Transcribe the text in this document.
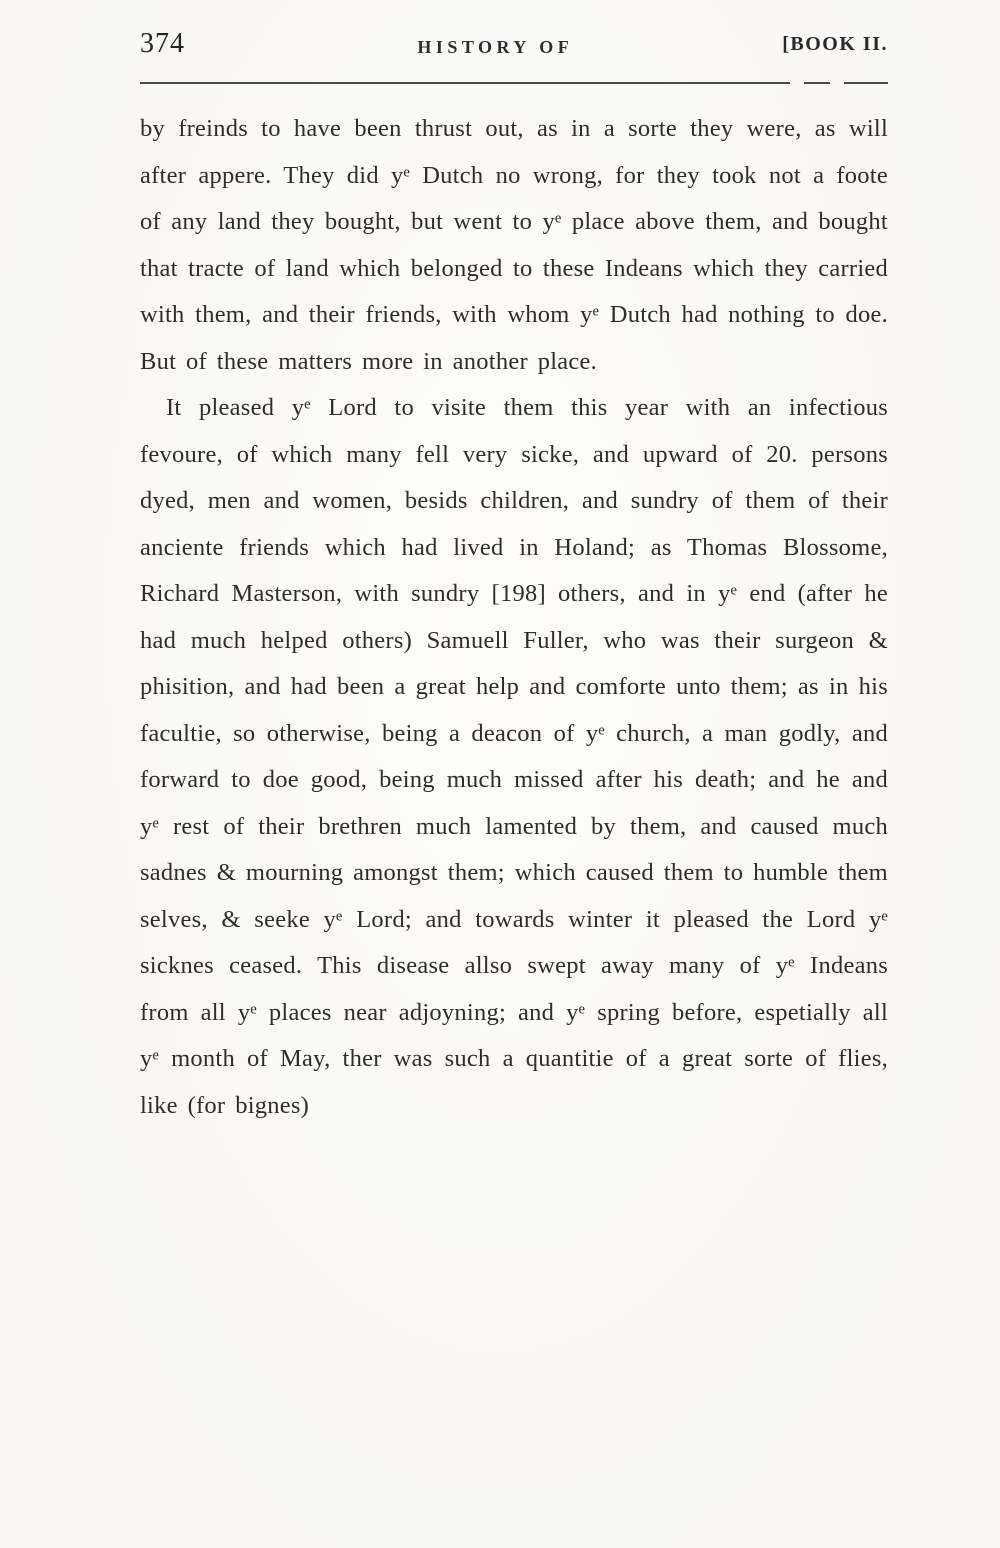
374	HISTORY OF	[BOOK II.

by freinds to have been thrust out, as in a sorte they were, as will after appere. They did yᵉ Dutch no wrong, for they took not a foote of any land they bought, but went to yᵉ place above them, and bought that tracte of land which belonged to these Indeans which they carried with them, and their friends, with whom yᵉ Dutch had nothing to doe. But of these matters more in another place.

It pleased yᵉ Lord to visite them this year with an infectious fevoure, of which many fell very sicke, and upward of 20. persons dyed, men and women, besids children, and sundry of them of their anciente friends which had lived in Holand; as Thomas Blossome, Richard Masterson, with sundry [198] others, and in yᵉ end (after he had much helped others) Samuell Fuller, who was their surgeon & phisition, and had been a great help and comforte unto them; as in his facultie, so otherwise, being a deacon of yᵉ church, a man godly, and forward to doe good, being much missed after his death; and he and yᵉ rest of their brethren much lamented by them, and caused much sadnes & mourning amongst them; which caused them to humble them selves, & seeke yᵉ Lord; and towards winter it pleased the Lord yᵉ sicknes ceased. This disease allso swept away many of yᵉ Indeans from all yᵉ places near adjoyning; and yᵉ spring before, espetially all yᵉ month of May, ther was such a quantitie of a great sorte of flies, like (for bignes)
